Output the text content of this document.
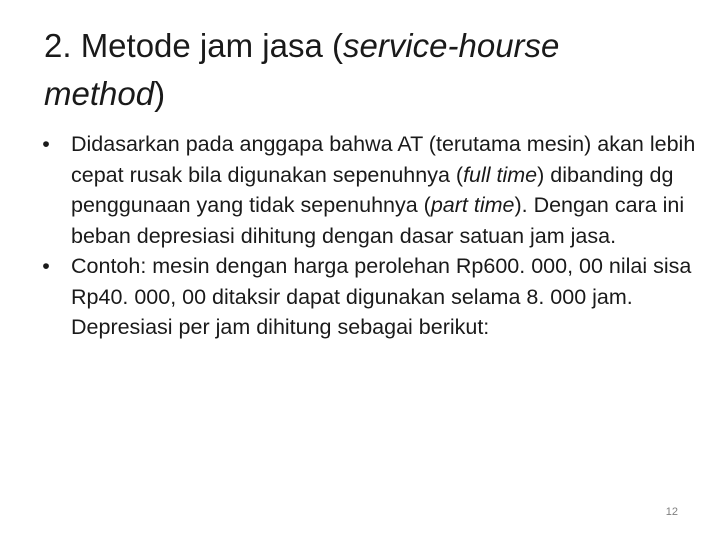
2. Metode jam jasa (service-hourse method)
• Didasarkan pada anggapa bahwa AT (terutama mesin) akan lebih cepat rusak bila digunakan sepenuhnya (full time) dibanding dg penggunaan yang tidak sepenuhnya (part time). Dengan cara ini beban depresiasi dihitung dengan dasar satuan jam jasa.
• Contoh: mesin dengan harga perolehan Rp600. 000, 00 nilai sisa Rp40. 000, 00 ditaksir dapat digunakan selama 8. 000 jam. Depresiasi per jam dihitung sebagai berikut:
12
